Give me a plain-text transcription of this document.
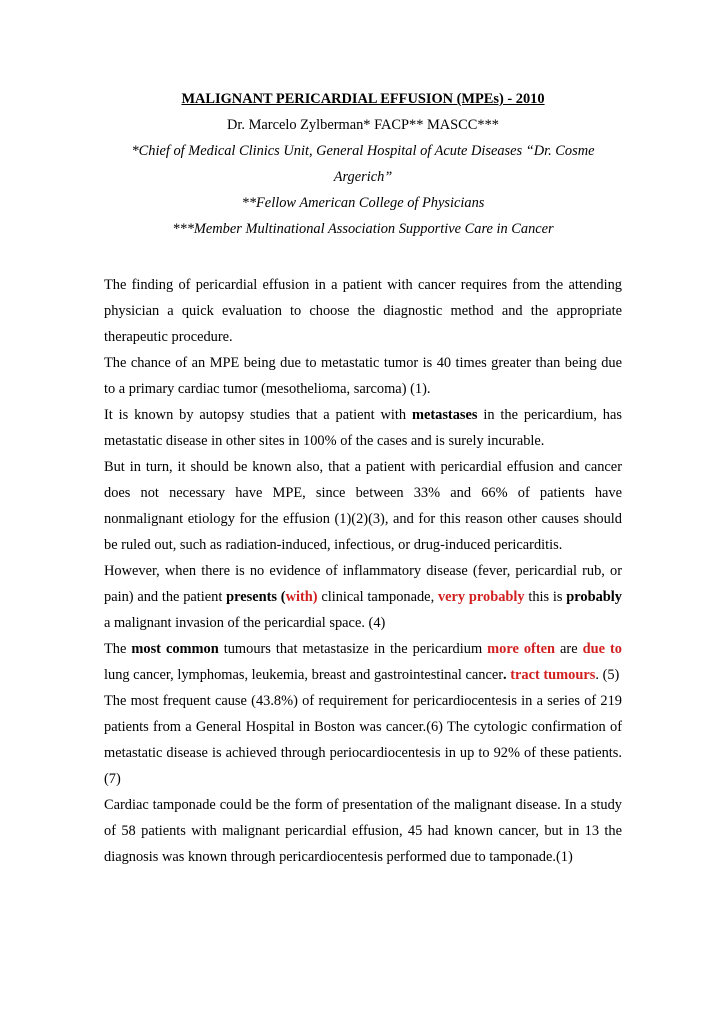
MALIGNANT PERICARDIAL EFFUSION (MPEs) - 2010
Dr. Marcelo Zylberman* FACP** MASCC***
*Chief of Medical Clinics Unit, General Hospital of Acute Diseases “Dr. Cosme Argerich”
**Fellow American College of Physicians
***Member Multinational Association Supportive Care in Cancer

The finding of pericardial effusion in a patient with cancer requires from the attending physician a quick evaluation to choose the diagnostic method and the appropriate therapeutic procedure.

The chance of an MPE being due to metastatic tumor is 40 times greater than being due to a primary cardiac tumor (mesothelioma, sarcoma) (1).

It is known by autopsy studies that a patient with metastases in the pericardium, has metastatic disease in other sites in 100% of the cases and is surely incurable.

But in turn, it should be known also, that a patient with pericardial effusion and cancer does not necessary have MPE, since between 33% and 66% of patients have nonmalignant etiology for the effusion (1)(2)(3), and for this reason other causes should be ruled out, such as radiation-induced, infectious, or drug-induced pericarditis.

However, when there is no evidence of inflammatory disease (fever, pericardial rub, or pain) and the patient presents (with) clinical tamponade, very probably this is probably a malignant invasion of the pericardial space. (4)

The most common tumours that metastasize in the pericardium more often are due to lung cancer, lymphomas, leukemia, breast and gastrointestinal cancer. tract tumours. (5)

The most frequent cause (43.8%) of requirement for pericardiocentesis in a series of 219 patients from a General Hospital in Boston was cancer.(6) The cytologic confirmation of metastatic disease is achieved through periocardiocentesis in up to 92% of these patients. (7)

Cardiac tamponade could be the form of presentation of the malignant disease. In a study of 58 patients with malignant pericardial effusion, 45 had known cancer, but in 13 the diagnosis was known through pericardiocentesis performed due to tamponade.(1)
